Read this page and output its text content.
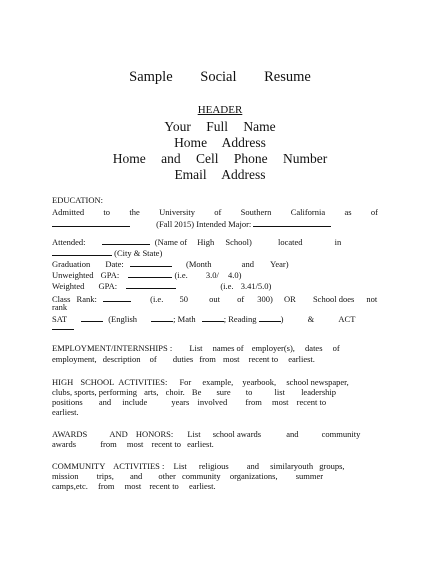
Sample Social Resume
HEADER
Your Full Name
Home Address
Home and Cell Phone Number
Email Address
EDUCATION:
Admitted to the University of Southern California as of
(Fall 2015) Intended Major:
Attended:	(Name of High School)	located	in
(City & State)
Graduation Date:	(Month	and Year)
Unweighted GPA:	(i.e. 3.0/ 4.0)
Weighted GPA:	(i.e. 3.41/5.0)
Class Rank:	(i.e. 50 out of 300) OR School does not
rank
SAT	(English	; Math	; Reading	)	&	ACT
EMPLOYMENT/INTERNSHIPS : List names of employer(s), dates of
employment, description of duties from most recent to earliest.
HIGH SCHOOL ACTIVITIES: For example, yearbook, school newspaper,
clubs, sports, performing arts, choir. Be sure to	list leadership
positions and include	years involved from most recent to
earliest.
AWARDS	AND HONORS: List school awards	and	community
awards	from most recent to earliest.
COMMUNITY ACTIVITIES : List religious and similaryouth groups,
mission trips, and other community organizations, summer
camps,etc. from most recent to earliest.
